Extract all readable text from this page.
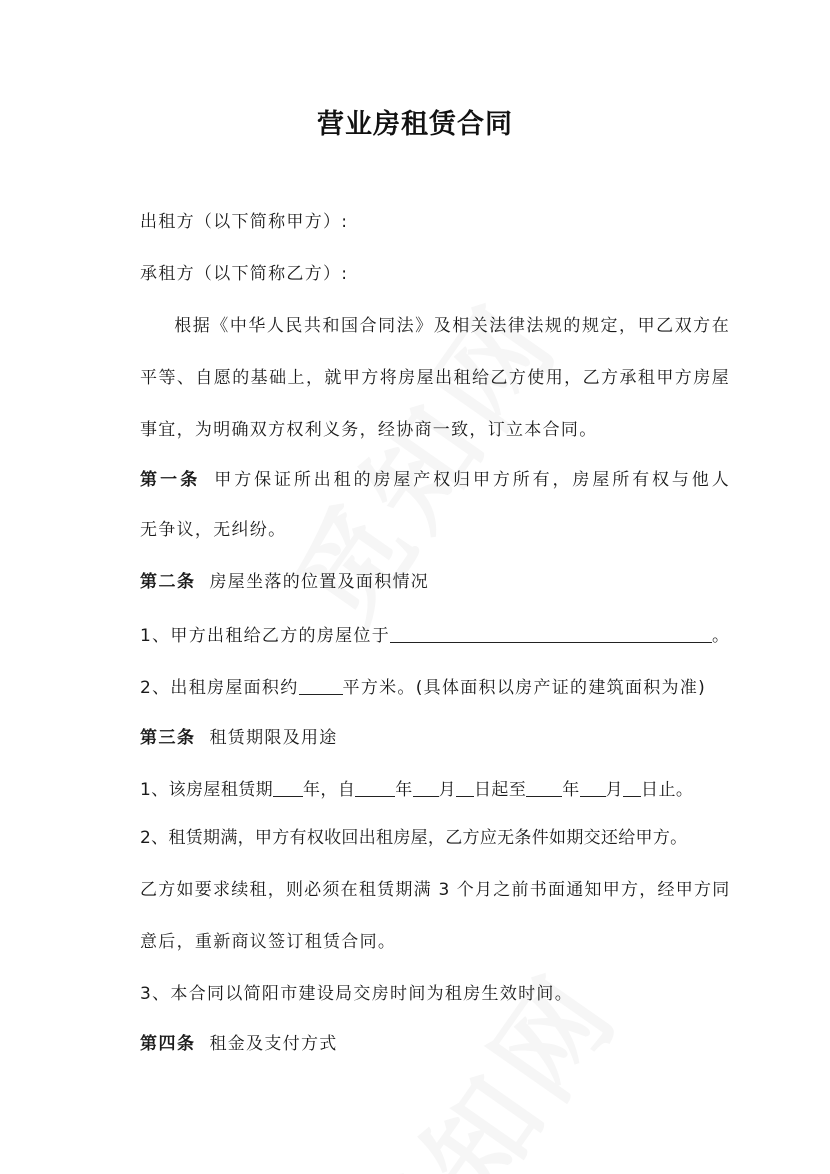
营业房租赁合同
出租方（以下简称甲方）:
承租方（以下简称乙方）:
根据《中华人民共和国合同法》及相关法律法规的规定，甲乙双方在
平等、自愿的基础上，就甲方将房屋出租给乙方使用，乙方承租甲方房屋
事宜，为明确双方权利义务，经协商一致，订立本合同。
第一条 甲方保证所出租的房屋产权归甲方所有，房屋所有权与他人
无争议，无纠纷。
第二条 房屋坐落的位置及面积情况
1、甲方出租给乙方的房屋位于	。
2、出租房屋面积约	平方米。(具体面积以房产证的建筑面积为准)
第三条 租赁期限及用途
1、该房屋租赁期 年，自 年 月 日起至 年 月 日止。
2、租赁期满，甲方有权收回出租房屋，乙方应无条件如期交还给甲方。
乙方如要求续租，则必须在租赁期满 3 个月之前书面通知甲方，经甲方同
意后，重新商议签订租赁合同。
3、本合同以简阳市建设局交房时间为租房生效时间。
第四条 租金及支付方式
